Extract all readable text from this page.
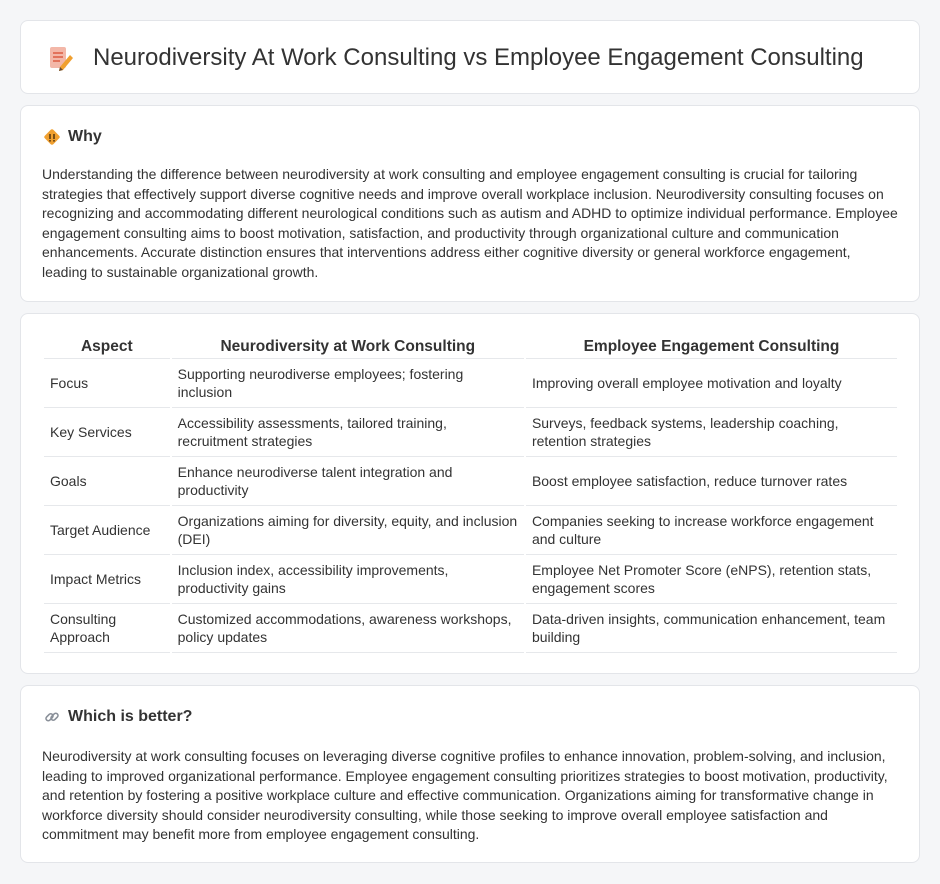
Neurodiversity At Work Consulting vs Employee Engagement Consulting
Why

Understanding the difference between neurodiversity at work consulting and employee engagement consulting is crucial for tailoring strategies that effectively support diverse cognitive needs and improve overall workplace inclusion. Neurodiversity consulting focuses on recognizing and accommodating different neurological conditions such as autism and ADHD to optimize individual performance. Employee engagement consulting aims to boost motivation, satisfaction, and productivity through organizational culture and communication enhancements. Accurate distinction ensures that interventions address either cognitive diversity or general workforce engagement, leading to sustainable organizational growth.

Aspect	Neurodiversity at Work Consulting	Employee Engagement Consulting
Focus	Supporting neurodiverse employees; fostering inclusion	Improving overall employee motivation and loyalty
Key Services	Accessibility assessments, tailored training, recruitment strategies	Surveys, feedback systems, leadership coaching, retention strategies
Goals	Enhance neurodiverse talent integration and productivity	Boost employee satisfaction, reduce turnover rates
Target Audience	Organizations aiming for diversity, equity, and inclusion (DEI)	Companies seeking to increase workforce engagement and culture
Impact Metrics	Inclusion index, accessibility improvements, productivity gains	Employee Net Promoter Score (eNPS), retention stats, engagement scores
Consulting Approach	Customized accommodations, awareness workshops, policy updates	Data-driven insights, communication enhancement, team building
Which is better?

Neurodiversity at work consulting focuses on leveraging diverse cognitive profiles to enhance innovation, problem-solving, and inclusion, leading to improved organizational performance. Employee engagement consulting prioritizes strategies to boost motivation, productivity, and retention by fostering a positive workplace culture and effective communication. Organizations aiming for transformative change in workforce diversity should consider neurodiversity consulting, while those seeking to improve overall employee satisfaction and commitment may benefit more from employee engagement consulting.
